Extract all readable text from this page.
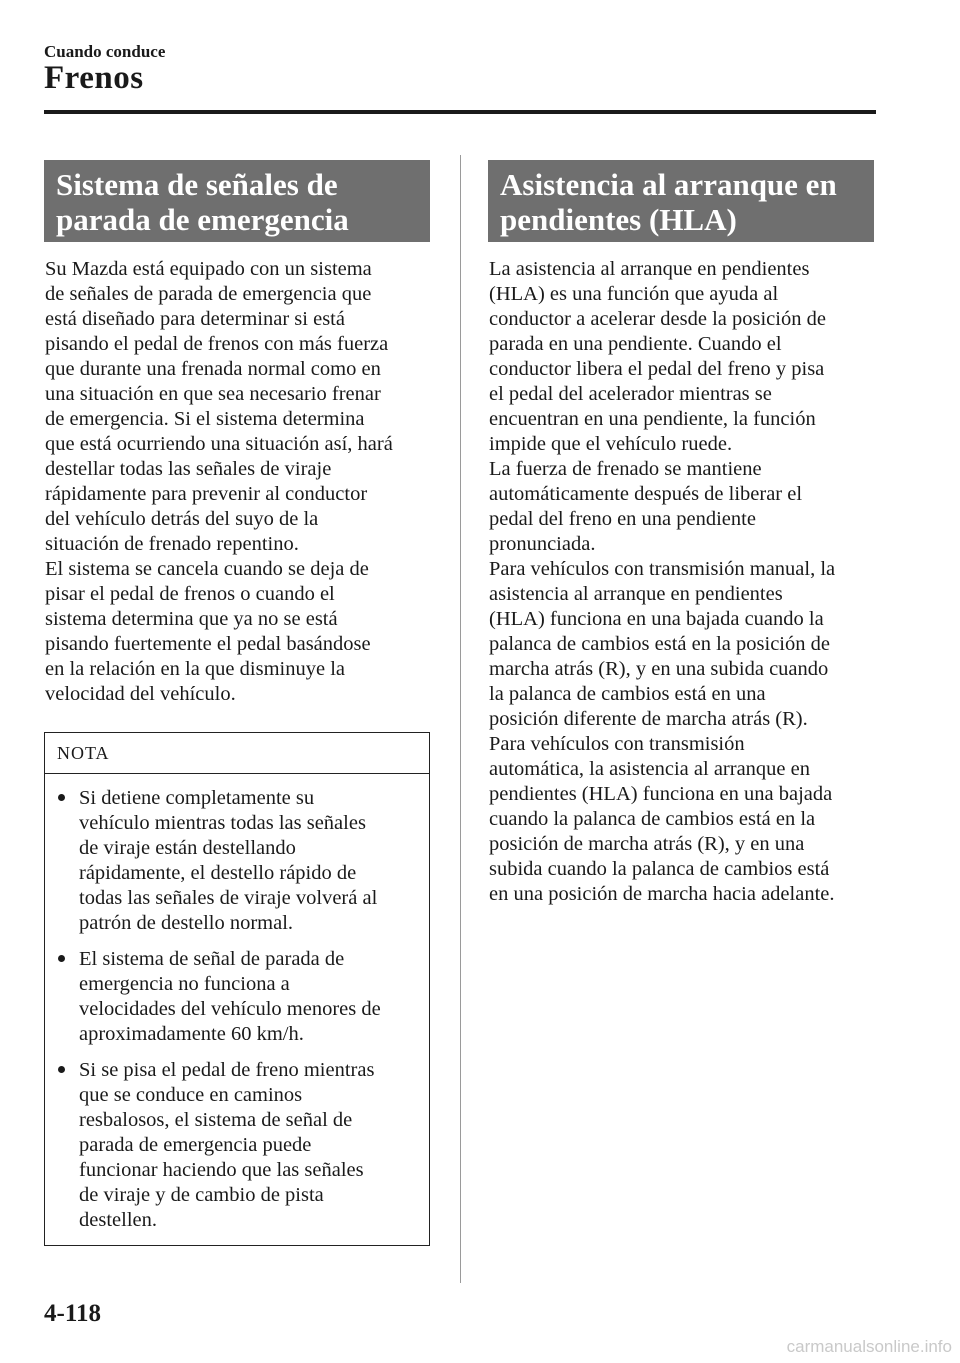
Cuando conduce
Frenos
Sistema de señales de
parada de emergencia
Su Mazda está equipado con un sistema
de señales de parada de emergencia que
está diseñado para determinar si está
pisando el pedal de frenos con más fuerza
que durante una frenada normal como en
una situación en que sea necesario frenar
de emergencia. Si el sistema determina
que está ocurriendo una situación así, hará
destellar todas las señales de viraje
rápidamente para prevenir al conductor
del vehículo detrás del suyo de la
situación de frenado repentino.
El sistema se cancela cuando se deja de
pisar el pedal de frenos o cuando el
sistema determina que ya no se está
pisando fuertemente el pedal basándose
en la relación en la que disminuye la
velocidad del vehículo.
NOTA
Si detiene completamente su
vehículo mientras todas las señales
de viraje están destellando
rápidamente, el destello rápido de
todas las señales de viraje volverá al
patrón de destello normal.
El sistema de señal de parada de
emergencia no funciona a
velocidades del vehículo menores de
aproximadamente 60 km/h.
Si se pisa el pedal de freno mientras
que se conduce en caminos
resbalosos, el sistema de señal de
parada de emergencia puede
funcionar haciendo que las señales
de viraje y de cambio de pista
destellen.
Asistencia al arranque en
pendientes (HLA)
La asistencia al arranque en pendientes
(HLA) es una función que ayuda al
conductor a acelerar desde la posición de
parada en una pendiente. Cuando el
conductor libera el pedal del freno y pisa
el pedal del acelerador mientras se
encuentran en una pendiente, la función
impide que el vehículo ruede.
La fuerza de frenado se mantiene
automáticamente después de liberar el
pedal del freno en una pendiente
pronunciada.
Para vehículos con transmisión manual, la
asistencia al arranque en pendientes
(HLA) funciona en una bajada cuando la
palanca de cambios está en la posición de
marcha atrás (R), y en una subida cuando
la palanca de cambios está en una
posición diferente de marcha atrás (R).
Para vehículos con transmisión
automática, la asistencia al arranque en
pendientes (HLA) funciona en una bajada
cuando la palanca de cambios está en la
posición de marcha atrás (R), y en una
subida cuando la palanca de cambios está
en una posición de marcha hacia adelante.
4-118
carmanualsonline.info
